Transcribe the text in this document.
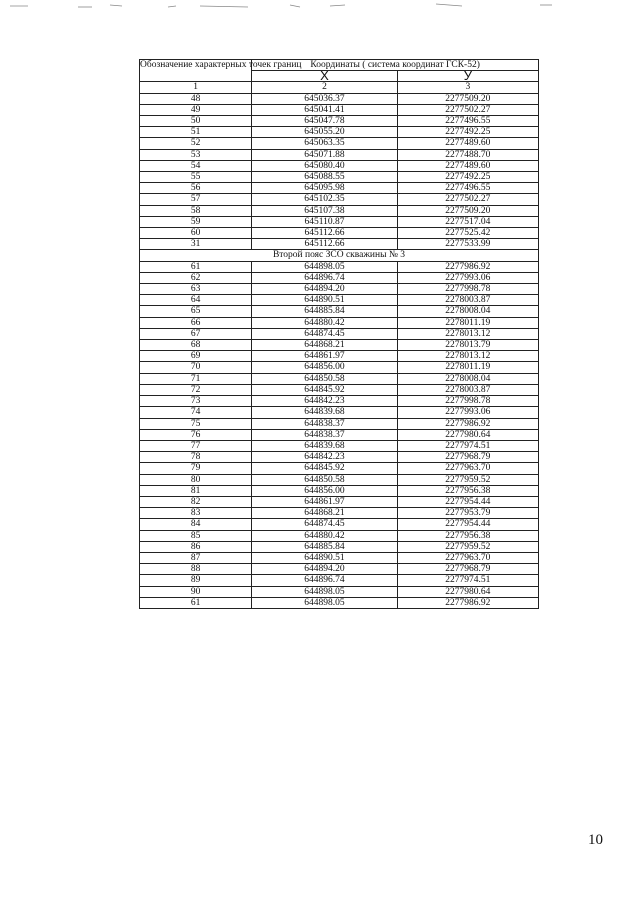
Обозначение характерных точек границ	Координаты ( система координат ГСК-52)	
	X	У
1	2	3
48	645036.37	2277509.20
49	645041.41	2277502.27
50	645047.78	2277496.55
51	645055.20	2277492.25
52	645063.35	2277489.60
53	645071.88	2277488.70
54	645080.40	2277489.60
55	645088.55	2277492.25
56	645095.98	2277496.55
57	645102.35	2277502.27
58	645107.38	2277509.20
59	645110.87	2277517.04
60	645112.66	2277525.42
31	645112.66	2277533.99
Второй пояс ЗСО скважины № 3		
61	644898.05	2277986.92
62	644896.74	2277993.06
63	644894.20	2277998.78
64	644890.51	2278003.87
65	644885.84	2278008.04
66	644880.42	2278011.19
67	644874.45	2278013.12
68	644868.21	2278013.79
69	644861.97	2278013.12
70	644856.00	2278011.19
71	644850.58	2278008.04
72	644845.92	2278003.87
73	644842.23	2277998.78
74	644839.68	2277993.06
75	644838.37	2277986.92
76	644838.37	2277980.64
77	644839.68	2277974.51
78	644842.23	2277968.79
79	644845.92	2277963.70
80	644850.58	2277959.52
81	644856.00	2277956.38
82	644861.97	2277954.44
83	644868.21	2277953.79
84	644874.45	2277954.44
85	644880.42	2277956.38
86	644885.84	2277959.52
87	644890.51	2277963.70
88	644894.20	2277968.79
89	644896.74	2277974.51
90	644898.05	2277980.64
61	644898.05	2277986.92
10
